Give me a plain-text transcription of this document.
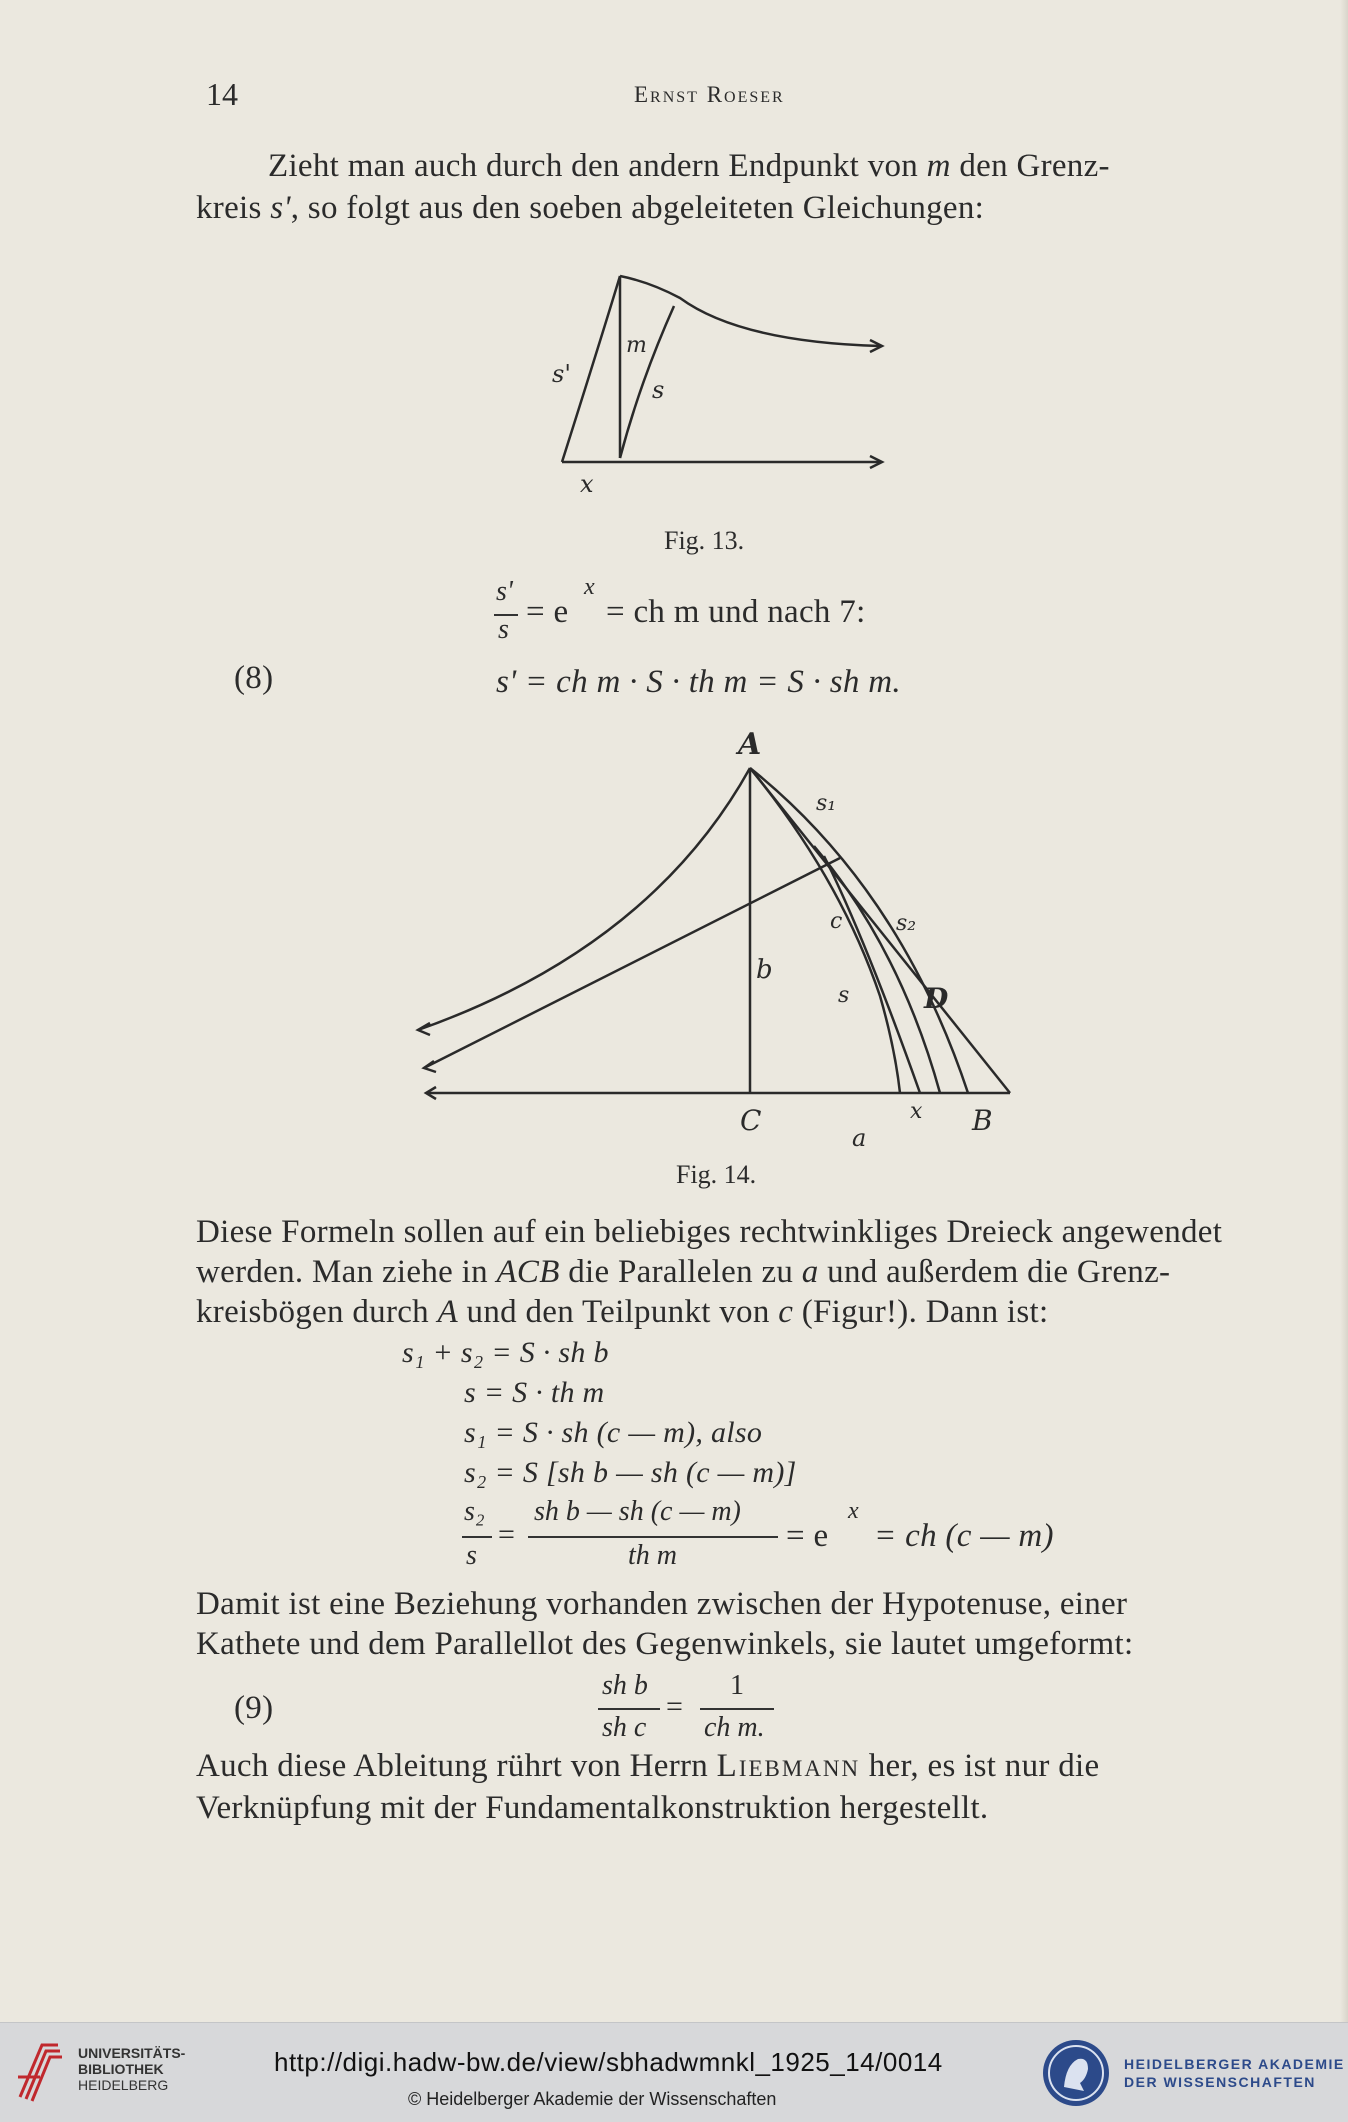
14	Ernst Roeser
Zieht man auch durch den andern Endpunkt von m den Grenz-
kreis s', so folgt aus den soeben abgeleiteten Gleichungen:
m
s'
s
x
Fig. 13.
s'
s = e
x
= ch m und nach 7:
(8)	s' = ch m · S · th m = S · sh m.
A
s₁
c s₂
b
s	D
C	x B
a
Fig. 14.
Diese Formeln sollen auf ein beliebiges rechtwinkliges Dreieck angewendet
werden. Man ziehe in ACB die Parallelen zu a und außerdem die Grenz-
kreisbögen durch A und den Teilpunkt von c (Figur!). Dann ist:
s₁ + s₂ = S · sh b
s = S · th m
s₁ = S · sh (c — m), also
s₂ = S [sh b — sh (c — m)]
s₂
s
=
sh b — sh (c — m)
th m
= e
x
= ch (c — m)
Damit ist eine Beziehung vorhanden zwischen der Hypotenuse, einer
Kathete und dem Parallellot des Gegenwinkels, sie lautet umgeformt:
(9)
sh b
sh c
=
1
ch m.
Auch diese Ableitung rührt von Herrn Liebmann her, es ist nur die
Verknüpfung mit der Fundamentalkonstruktion hergestellt.
UNIVERSITÄTS-
BIBLIOTHEK
HEIDELBERG
http://digi.hadw-bw.de/view/sbhadwmnkl_1925_14/0014
© Heidelberger Akademie der Wissenschaften
HEIDELBERGER AKADEMIE
DER WISSENSCHAFTEN
